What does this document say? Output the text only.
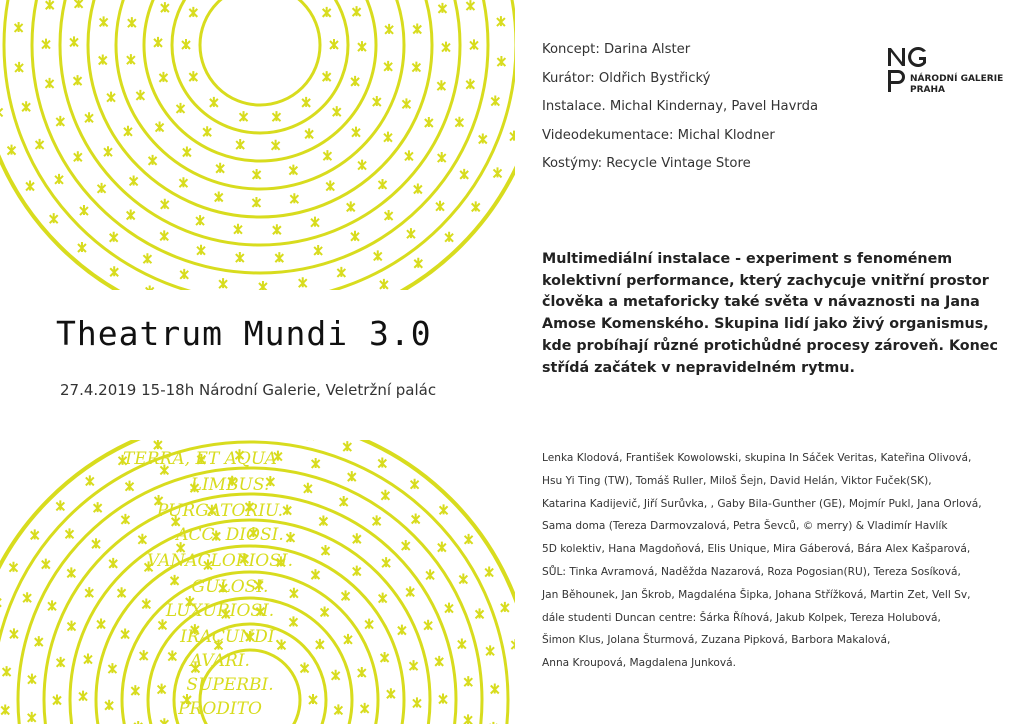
TERRA, ET AQUA
LIMBUS.
PURGATORIU.
ACC: DIOSI.
VANACLORIOSI.
GULOSI.
LUXURIOSI.
IRACUNDI.
AVARI.
SUPERBI.
PRODITO
Theatrum Mundi 3.0
27.4.2019 15-18h Národní Galerie, Veletržní palác
Koncept: Darina Alster
Kurátor: Oldřich Bystřický
Instalace. Michal Kindernay, Pavel Havrda
Videodekumentace: Michal Klodner
Kostýmy: Recycle Vintage Store
NÁRODNÍ GALERIE
PRAHA
Multimediální instalace - experiment s fenoménem kolektivní performance, který zachycuje vnitřní prostor člověka a metaforicky také světa v návaznosti na Jana Amose Komenského. Skupina lidí jako živý organismus, kde probíhají různé protichůdné procesy zároveň. Konec střídá začátek v nepravidelném rytmu.
Lenka Klodová, František Kowolowski, skupina In Sáček Veritas, Kateřina Olivová,
Hsu Yi Ting (TW), Tomáš Ruller, Miloš Šejn, David Helán, Viktor Fuček(SK),
Katarina Kadijevič, Jiří Surůvka, , Gaby Bila-Gunther (GE), Mojmír Pukl, Jana Orlová,
Sama doma (Tereza Darmovzalová, Petra Ševců, © merry) & Vladimír Havlík
5D kolektiv, Hana Magdoňová, Elis Unique, Mira Gáberová, Bára Alex Kašparová,
SŮL: Tinka Avramová, Naděžda Nazarová, Roza Pogosian(RU), Tereza Sosíková,
Jan Běhounek, Jan Škrob, Magdaléna Šipka, Johana Střížková, Martin Zet, Vell Sv,
dále studenti Duncan centre: Šárka Říhová, Jakub Kolpek, Tereza Holubová,
Šimon Klus, Jolana Šturmová, Zuzana Pipková, Barbora Makalová,
Anna Kroupová, Magdalena Junková.
